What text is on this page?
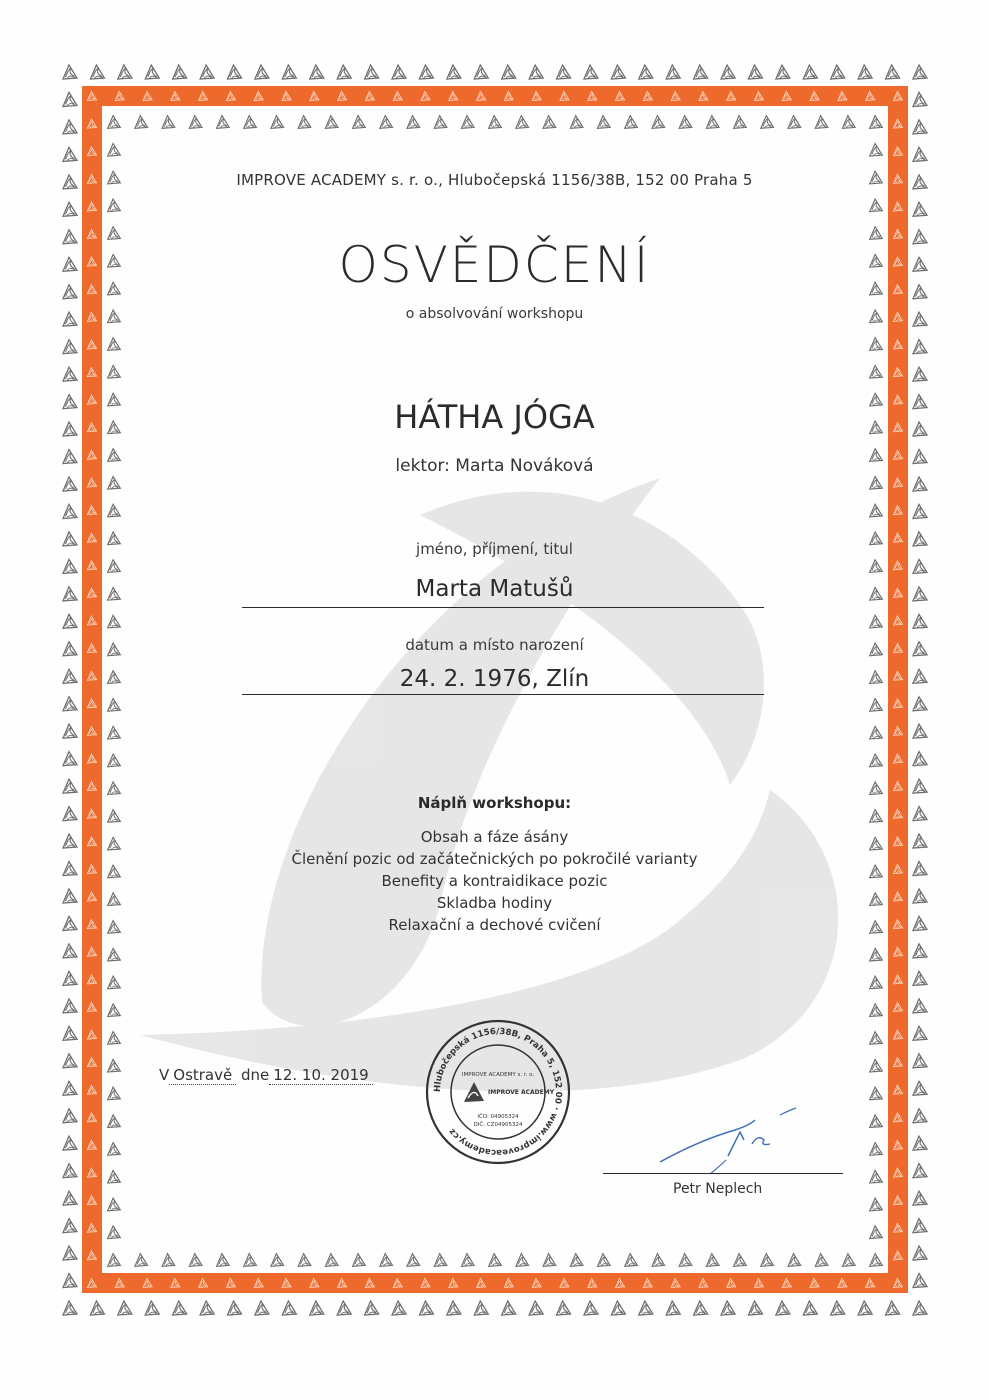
IMPROVE ACADEMY s. r. o., Hlubočepská 1156/38B, 152 00 Praha 5
OSVĚDČENÍ
o absolvování workshopu
HÁTHA JÓGA
lektor: Marta Nováková
jméno, příjmení, titul
Marta Matušů
datum a místo narození
24. 2. 1976, Zlín
Náplň workshopu:
Obsah a fáze ásány
Členění pozic od začátečnických po pokročilé varianty
Benefity a kontraidikace pozic
Skladba hodiny
Relaxační a dechové cvičení
V Ostravě dne 12. 10. 2019
Hlubočepská 1156/38B, Praha 5, 152 00 · www.improveacademy.cz
IMPROVE ACADEMY s. r. o.
IMPROVE ACADEMY
IČO: 04905324
DIČ: CZ04905324
Petr Neplech
